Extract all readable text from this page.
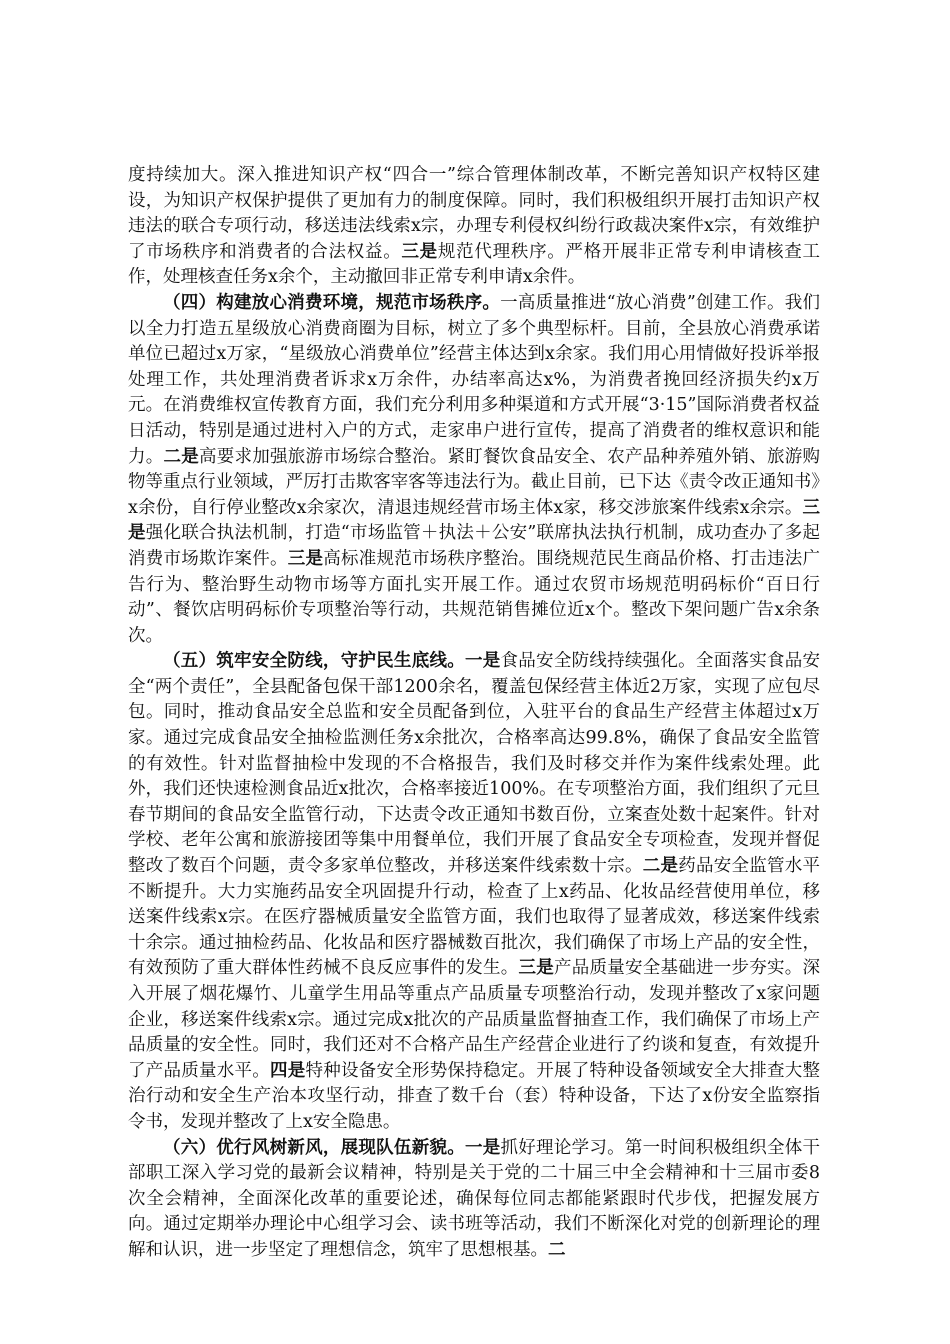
度持续加大。深入推进知识产权“四合一”综合管理体制改革，不断完善知识产权特区建设，为知识产权保护提供了更加有力的制度保障。同时，我们积极组织开展打击知识产权违法的联合专项行动，移送违法线索x宗，办理专利侵权纠纷行政裁决案件x宗，有效维护了市场秩序和消费者的合法权益。三是规范代理秩序。严格开展非正常专利申请核查工作，处理核查任务x余个，主动撤回非正常专利申请x余件。

（四）构建放心消费环境，规范市场秩序。一高质量推进“放心消费”创建工作。我们以全力打造五星级放心消费商圈为目标，树立了多个典型标杆。目前，全县放心消费承诺单位已超过x万家，“星级放心消费单位”经营主体达到x余家。我们用心用情做好投诉举报处理工作，共处理消费者诉求x万余件，办结率高达x%，为消费者挽回经济损失约x万元。在消费维权宣传教育方面，我们充分利用多种渠道和方式开展“3·15”国际消费者权益日活动，特别是通过进村入户的方式，走家串户进行宣传，提高了消费者的维权意识和能力。二是高要求加强旅游市场综合整治。紧盯餐饮食品安全、农产品种养殖外销、旅游购物等重点行业领域，严厉打击欺客宰客等违法行为。截止目前，已下达《责令改正通知书》x余份，自行停业整改x余家次，清退违规经营市场主体x家，移交涉旅案件线索x余宗。三是强化联合执法机制，打造“市场监管＋执法＋公安”联席执法执行机制，成功查办了多起消费市场欺诈案件。三是高标准规范市场秩序整治。围绕规范民生商品价格、打击违法广告行为、整治野生动物市场等方面扎实开展工作。通过农贸市场规范明码标价“百日行动”、餐饮店明码标价专项整治等行动，共规范销售摊位近x个。整改下架问题广告x余条次。

（五）筑牢安全防线，守护民生底线。一是食品安全防线持续强化。全面落实食品安全“两个责任”，全县配备包保干部1200余名，覆盖包保经营主体近2万家，实现了应包尽包。同时，推动食品安全总监和安全员配备到位，入驻平台的食品生产经营主体超过x万家。通过完成食品安全抽检监测任务x余批次，合格率高达99.8%，确保了食品安全监管的有效性。针对监督抽检中发现的不合格报告，我们及时移交并作为案件线索处理。此外，我们还快速检测食品近x批次，合格率接近100%。在专项整治方面，我们组织了元旦春节期间的食品安全监管行动，下达责令改正通知书数百份，立案查处数十起案件。针对学校、老年公寓和旅游接团等集中用餐单位，我们开展了食品安全专项检查，发现并督促整改了数百个问题，责令多家单位整改，并移送案件线索数十宗。二是药品安全监管水平不断提升。大力实施药品安全巩固提升行动，检查了上x药品、化妆品经营使用单位，移送案件线索x宗。在医疗器械质量安全监管方面，我们也取得了显著成效，移送案件线索十余宗。通过抽检药品、化妆品和医疗器械数百批次，我们确保了市场上产品的安全性，有效预防了重大群体性药械不良反应事件的发生。三是产品质量安全基础进一步夯实。深入开展了烟花爆竹、儿童学生用品等重点产品质量专项整治行动，发现并整改了x家问题企业，移送案件线索x宗。通过完成x批次的产品质量监督抽查工作，我们确保了市场上产品质量的安全性。同时，我们还对不合格产品生产经营企业进行了约谈和复查，有效提升了产品质量水平。四是特种设备安全形势保持稳定。开展了特种设备领域安全大排查大整治行动和安全生产治本攻坚行动，排查了数千台（套）特种设备，下达了x份安全监察指令书，发现并整改了上x安全隐患。

（六）优行风树新风，展现队伍新貌。一是抓好理论学习。第一时间积极组织全体干部职工深入学习党的最新会议精神，特别是关于党的二十届三中全会精神和十三届市委8次全会精神，全面深化改革的重要论述，确保每位同志都能紧跟时代步伐，把握发展方向。通过定期举办理论中心组学习会、读书班等活动，我们不断深化对党的创新理论的理解和认识，进一步坚定了理想信念，筑牢了思想根基。二
